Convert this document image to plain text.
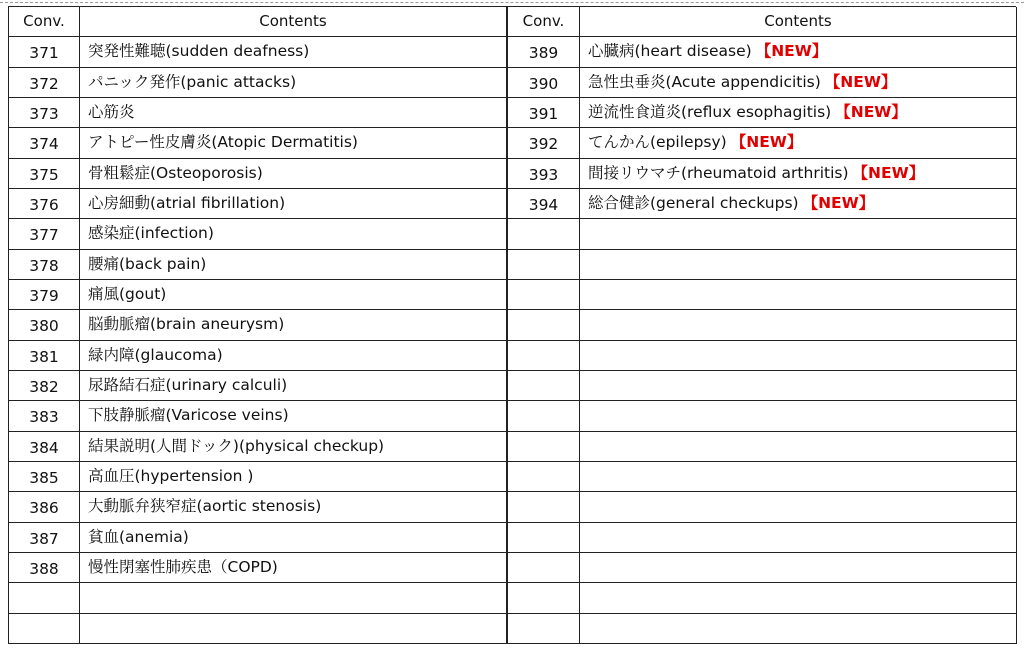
Conv.	Contents	Conv.	Contents
371	突発性難聴(sudden deafness)	389	心臓病(heart disease) 【NEW】
372	パニック発作(panic attacks)	390	急性虫垂炎(Acute appendicitis) 【NEW】
373	心筋炎	391	逆流性食道炎(reflux esophagitis) 【NEW】
374	アトピー性皮膚炎(Atopic Dermatitis)	392	てんかん(epilepsy) 【NEW】
375	骨粗鬆症(Osteoporosis)	393	間接リウマチ(rheumatoid arthritis) 【NEW】
376	心房細動(atrial fibrillation)	394	総合健診(general checkups) 【NEW】
377	感染症(infection)
378	腰痛(back pain)
379	痛風(gout)
380	脳動脈瘤(brain aneurysm)
381	緑内障(glaucoma)
382	尿路結石症(urinary calculi)
383	下肢静脈瘤(Varicose veins)
384	結果説明(人間ドック)(physical checkup)
385	高血圧(hypertension )
386	大動脈弁狭窄症(aortic stenosis)
387	貧血(anemia)
388	慢性閉塞性肺疾患（COPD)
